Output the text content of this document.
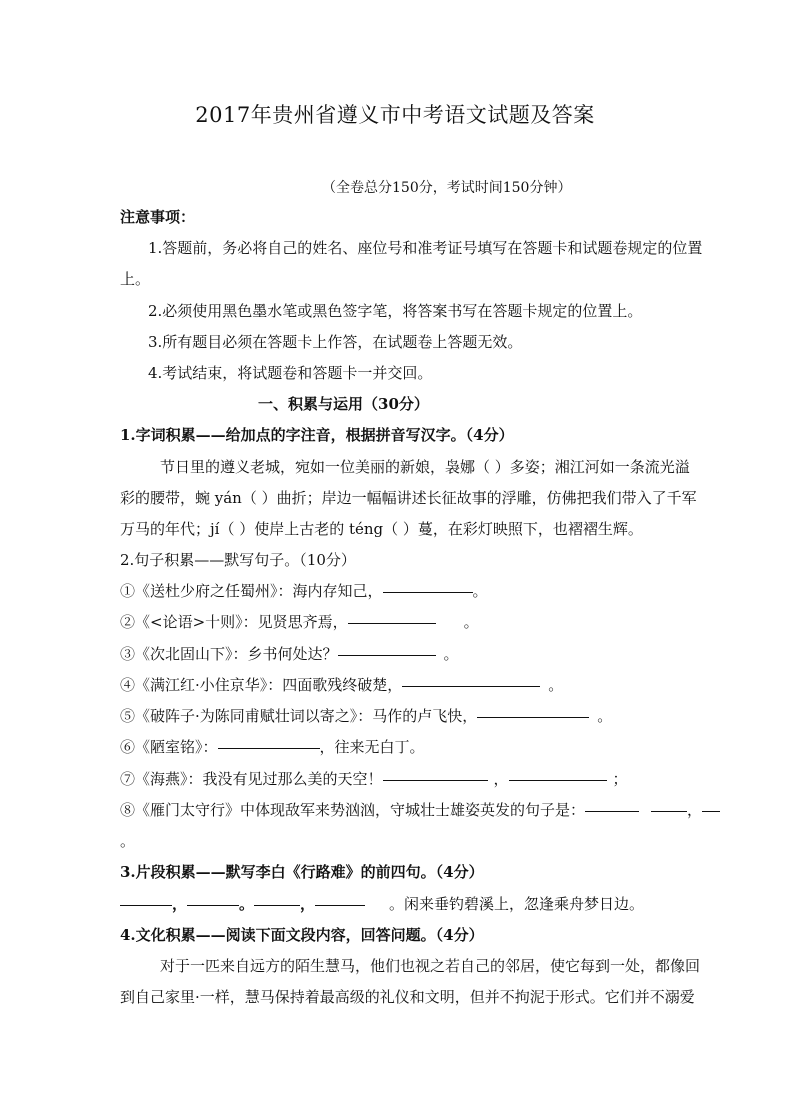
2017年贵州省遵义市中考语文试题及答案
（全卷总分150分，考试时间150分钟）
注意事项：
1.答题前，务必将自己的姓名、座位号和准考证号填写在答题卡和试题卷规定的位置
上。
2.必须使用黑色墨水笔或黑色签字笔，将答案书写在答题卡规定的位置上。
3.所有题目必须在答题卡上作答，在试题卷上答题无效。
4.考试结束，将试题卷和答题卡一并交回。
一、积累与运用（30分）
1.字词积累——给加点的字注音，根据拼音写汉字。（4分）
节日里的遵义老城，宛如一位美丽的新娘，袅娜（ ）多姿；湘江河如一条流光溢
彩的腰带，蜿 yán（ ）曲折；岸边一幅幅讲述长征故事的浮雕，仿佛把我们带入了千军
万马的年代；jí（ ）使岸上古老的 téng（ ）蔓，在彩灯映照下，也褶褶生辉。
2.句子积累——默写句子。（10分）
①《送杜少府之任蜀州》：海内存知己，	。
②《<论语>十则》：见贤思齐焉，	。
③《次北固山下》：乡书何处达？	。
④《满江红·小住京华》：四面歌残终破楚，	。
⑤《破阵子·为陈同甫赋壮词以寄之》：马作的卢飞快，	。
⑥《陋室铭》：	，往来无白丁。
⑦《海燕》：我没有见过那么美的天空！	，	；
⑧《雁门太守行》中体现敌军来势汹汹，守城壮士雄姿英发的句子是：	，
。
3.片段积累——默写李白《行路难》的前四句。（4分）
，	。	，	。闲来垂钓碧溪上，忽逢乘舟梦日边。
4.文化积累——阅读下面文段内容，回答问题。（4分）
对于一匹来自远方的陌生慧马，他们也视之若自己的邻居，使它每到一处，都像回
到自己家里·一样，慧马保持着最高级的礼仪和文明，但并不拘泥于形式。它们并不溺爱
